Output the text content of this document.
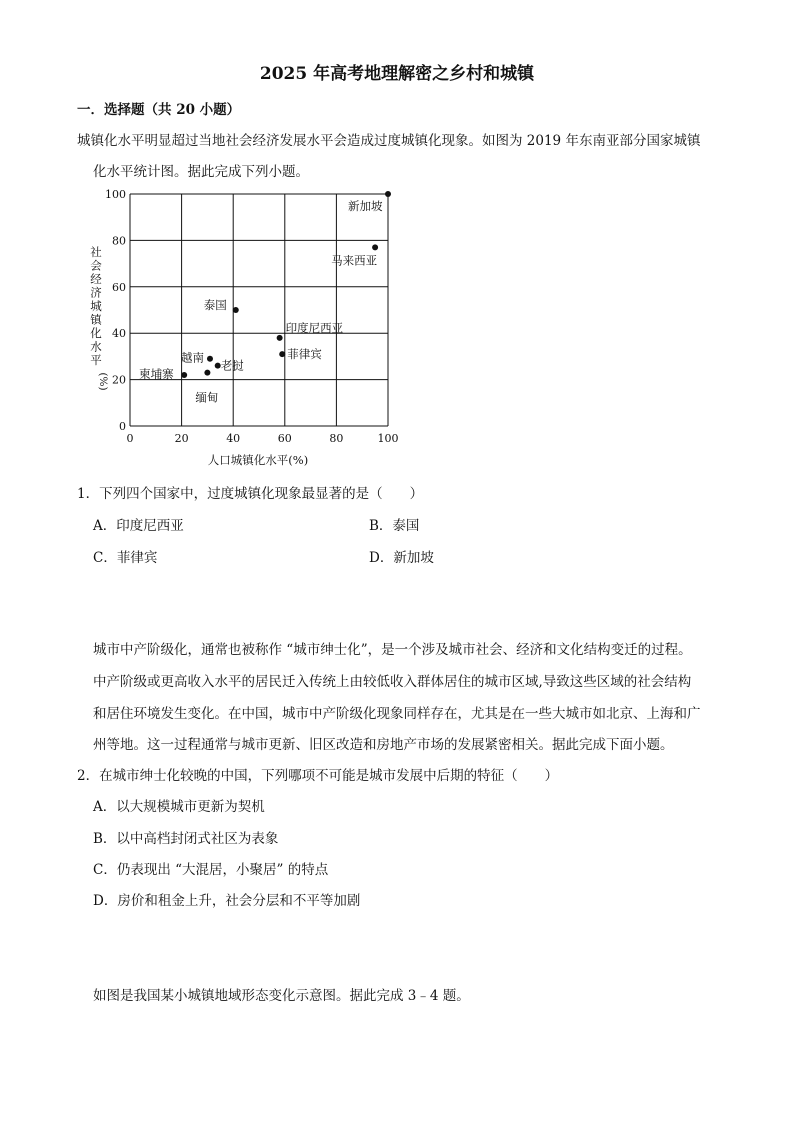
2025 年高考地理解密之乡村和城镇
一．选择题（共 20 小题）
城镇化水平明显超过当地社会经济发展水平会造成过度城镇化现象。如图为 2019 年东南亚部分国家城镇
化水平统计图。据此完成下列小题。
0	20	40	60	80	100
0
20
40
60
80
100
新加坡
马来西亚
泰国
印度尼西亚
菲律宾
越南
老挝
缅甸
柬埔寨
人口城镇化水平(%)
社
会
经
济
城
镇
化
水
平
(%)
1．下列四个国家中，过度城镇化现象最显著的是（　　）
A．印度尼西亚	B．泰国
C．菲律宾	D．新加坡
城市中产阶级化，通常也被称作 “城市绅士化”，是一个涉及城市社会、经济和文化结构变迁的过程。
中产阶级或更高收入水平的居民迁入传统上由较低收入群体居住的城市区域,导致这些区域的社会结构
和居住环境发生变化。在中国，城市中产阶级化现象同样存在，尤其是在一些大城市如北京、上海和广
州等地。这一过程通常与城市更新、旧区改造和房地产市场的发展紧密相关。据此完成下面小题。
2．在城市绅士化较晚的中国，下列哪项不可能是城市发展中后期的特征（　　）
A．以大规模城市更新为契机
B．以中高档封闭式社区为表象
C．仍表现出 “大混居，小聚居” 的特点
D．房价和租金上升，社会分层和不平等加剧
如图是我国某小城镇地域形态变化示意图。据此完成 3﹣4 题。
